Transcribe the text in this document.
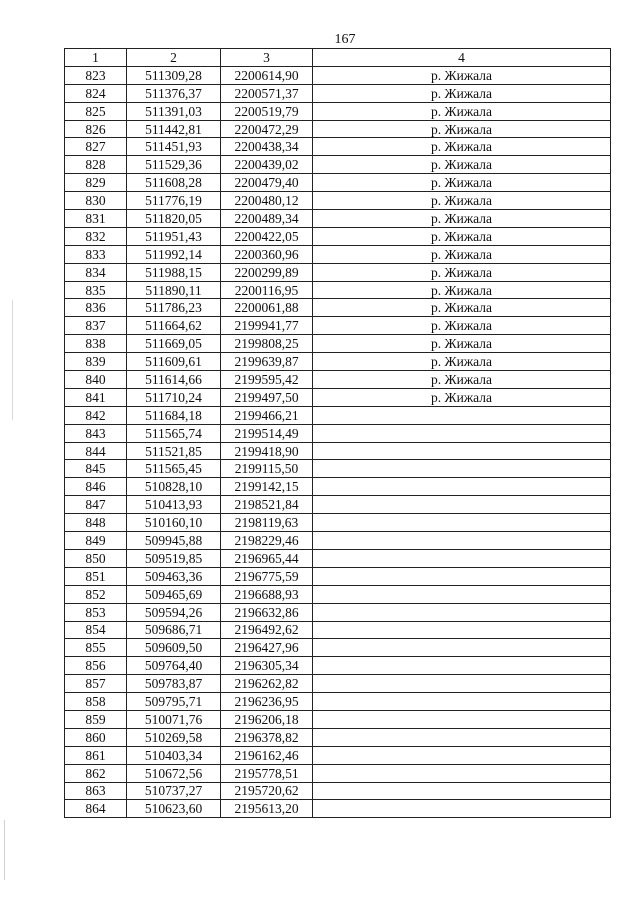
167
1	2	3	4
823	511309,28	2200614,90	р. Жижала
824	511376,37	2200571,37	р. Жижала
825	511391,03	2200519,79	р. Жижала
826	511442,81	2200472,29	р. Жижала
827	511451,93	2200438,34	р. Жижала
828	511529,36	2200439,02	р. Жижала
829	511608,28	2200479,40	р. Жижала
830	511776,19	2200480,12	р. Жижала
831	511820,05	2200489,34	р. Жижала
832	511951,43	2200422,05	р. Жижала
833	511992,14	2200360,96	р. Жижала
834	511988,15	2200299,89	р. Жижала
835	511890,11	2200116,95	р. Жижала
836	511786,23	2200061,88	р. Жижала
837	511664,62	2199941,77	р. Жижала
838	511669,05	2199808,25	р. Жижала
839	511609,61	2199639,87	р. Жижала
840	511614,66	2199595,42	р. Жижала
841	511710,24	2199497,50	р. Жижала
842	511684,18	2199466,21	
843	511565,74	2199514,49	
844	511521,85	2199418,90	
845	511565,45	2199115,50	
846	510828,10	2199142,15	
847	510413,93	2198521,84	
848	510160,10	2198119,63	
849	509945,88	2198229,46	
850	509519,85	2196965,44	
851	509463,36	2196775,59	
852	509465,69	2196688,93	
853	509594,26	2196632,86	
854	509686,71	2196492,62	
855	509609,50	2196427,96	
856	509764,40	2196305,34	
857	509783,87	2196262,82	
858	509795,71	2196236,95	
859	510071,76	2196206,18	
860	510269,58	2196378,82	
861	510403,34	2196162,46	
862	510672,56	2195778,51	
863	510737,27	2195720,62	
864	510623,60	2195613,20	
